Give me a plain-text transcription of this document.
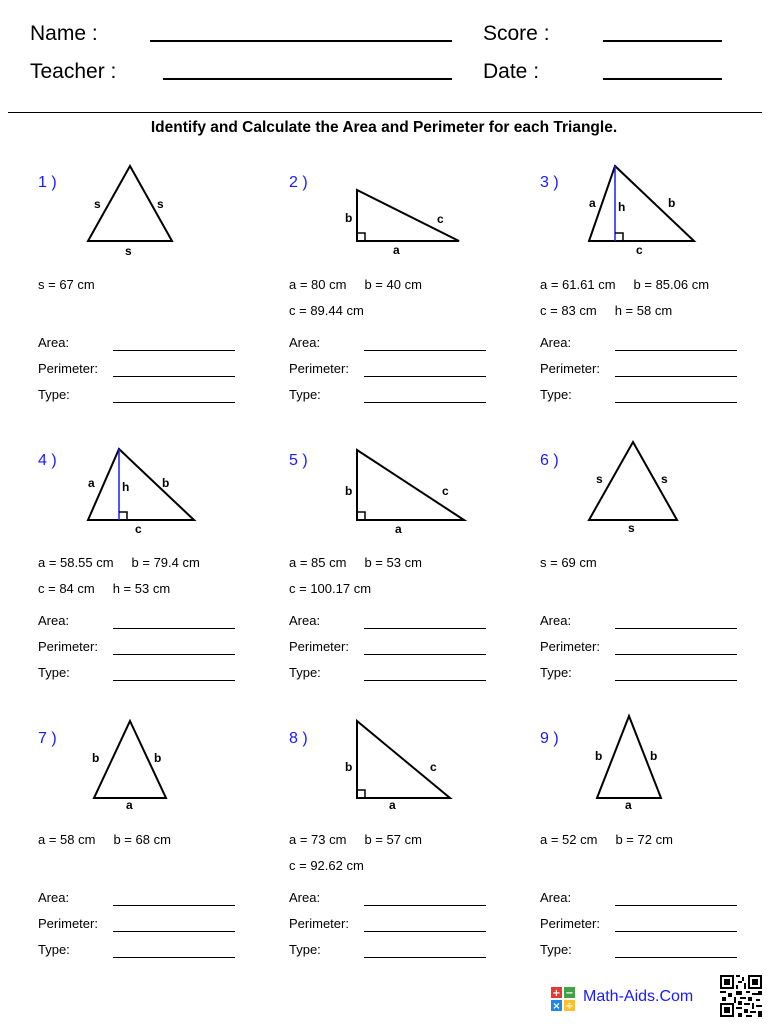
Name :
Teacher :
Score :
Date :
Identify and Calculate the Area and Perimeter for each Triangle.
1 )
s	s
s
2 )
b	c
a
3 )
a h	b
c
4 )
a h	b
c
5 )
b	c
a
6 )
s	s
s
7 )
b	b
a
8 )
b	c
a
9 )
b	b
a
s = 67 cm
Area:
Perimeter:
Type:
a = 80 cm b = 40 cm
c = 89.44 cm
Area:
Perimeter:
Type:
a = 61.61 cm b = 85.06 cm
c = 83 cm h = 58 cm
Area:
Perimeter:
Type:
a = 58.55 cm b = 79.4 cm
c = 84 cm h = 53 cm
Area:
Perimeter:
Type:
a = 85 cm b = 53 cm
c = 100.17 cm
Area:
Perimeter:
Type:
s = 69 cm
Area:
Perimeter:
Type:
a = 58 cm b = 68 cm
Area:
Perimeter:
Type:
a = 73 cm b = 57 cm
c = 92.62 cm
Area:
Perimeter:
Type:
a = 52 cm b = 72 cm
Area:
Perimeter:
Type:
+ −
× ÷
Math-Aids.Com
